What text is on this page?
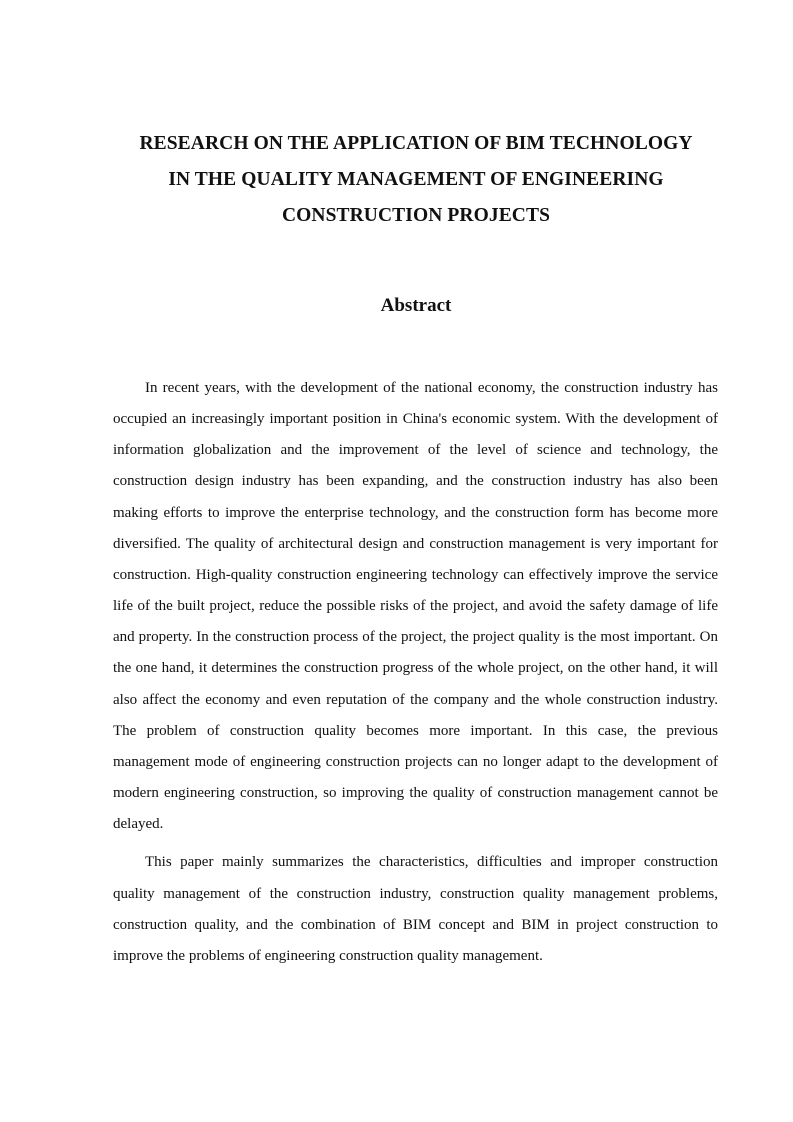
RESEARCH ON THE APPLICATION OF BIM TECHNOLOGY
IN THE QUALITY MANAGEMENT OF ENGINEERING
CONSTRUCTION PROJECTS
Abstract

In recent years, with the development of the national economy, the construction industry has occupied an increasingly important position in China's economic system. With the development of information globalization and the improvement of the level of science and technology, the construction design industry has been expanding, and the construction industry has also been making efforts to improve the enterprise technology, and the construction form has become more diversified. The quality of architectural design and construction management is very important for construction. High-quality construction engineering technology can effectively improve the service life of the built project, reduce the possible risks of the project, and avoid the safety damage of life and property. In the construction process of the project, the project quality is the most important. On the one hand, it determines the construction progress of the whole project, on the other hand, it will also affect the economy and even reputation of the company and the whole construction industry. The problem of construction quality becomes more important. In this case, the previous management mode of engineering construction projects can no longer adapt to the development of modern engineering construction, so improving the quality of construction management cannot be delayed.

This paper mainly summarizes the characteristics, difficulties and improper construction quality management of the construction industry, construction quality management problems, construction quality, and the combination of BIM concept and BIM in project construction to improve the problems of engineering construction quality management.
